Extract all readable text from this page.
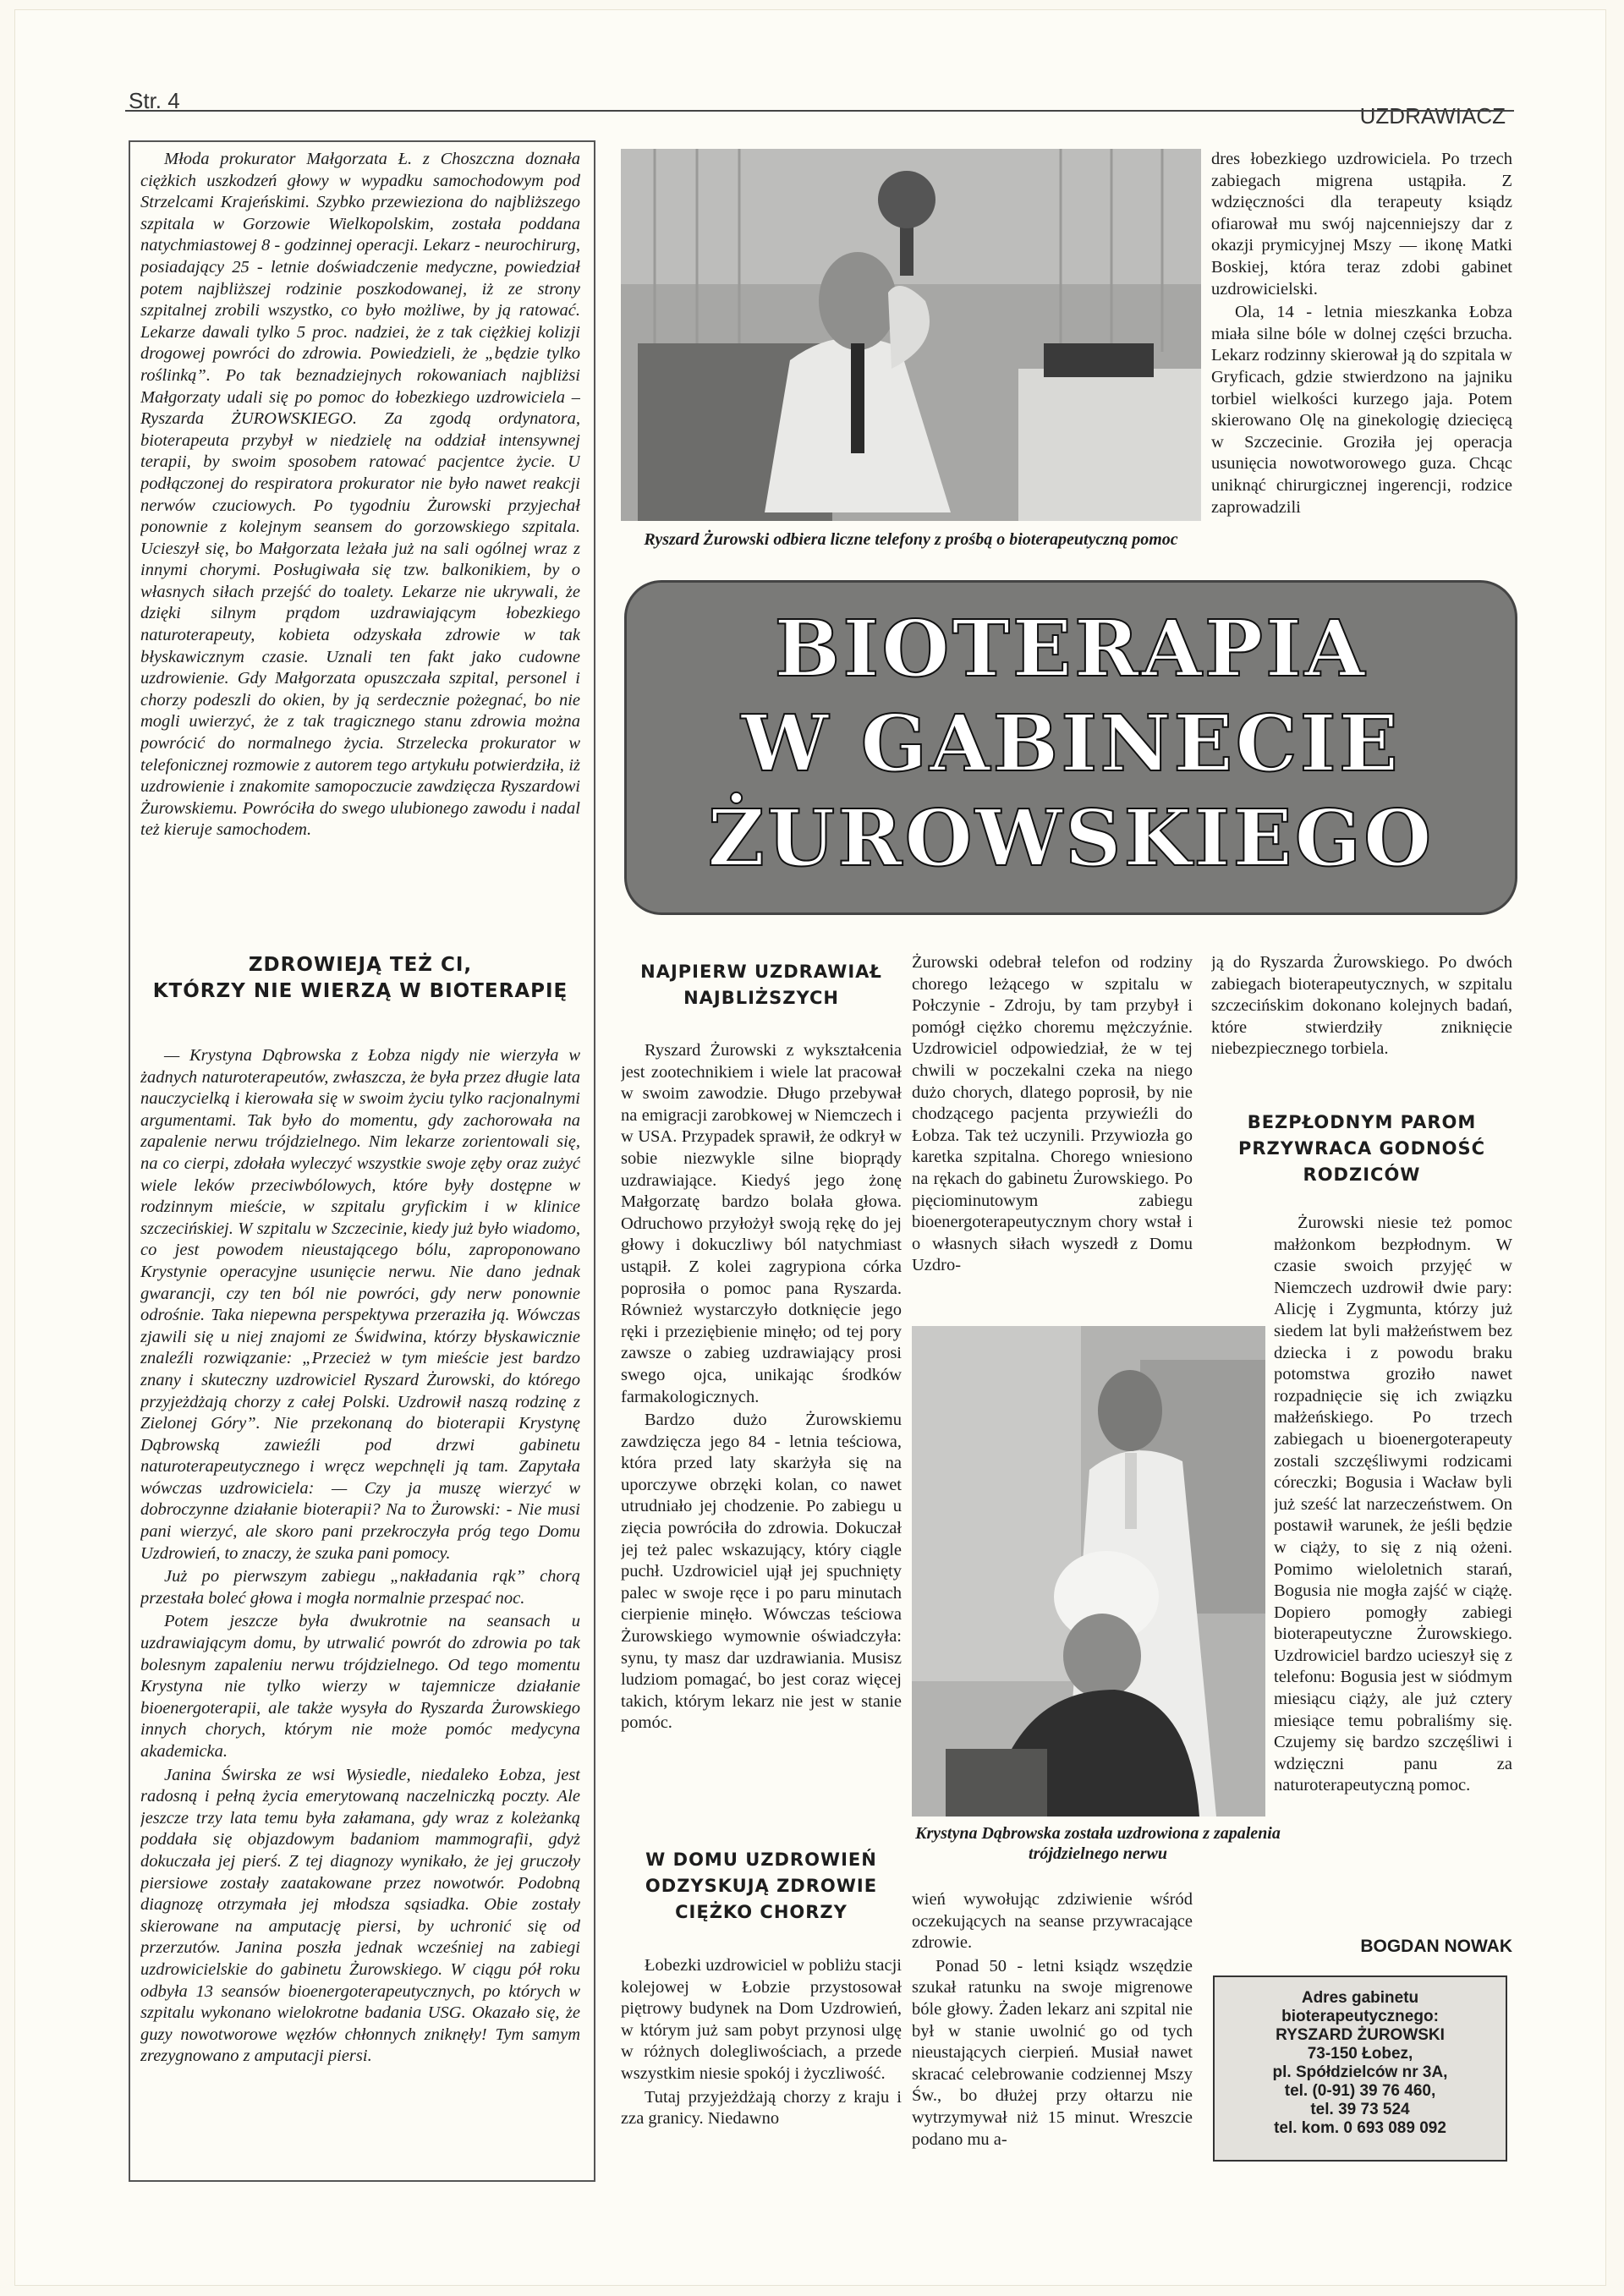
Str. 4
UZDRAWIACZ

Młoda prokurator Małgorzata Ł. z Choszczna doznała ciężkich uszkodzeń głowy w wypadku samochodowym pod Strzelcami Krajeńskimi. Szybko przewieziona do najbliższego szpitala w Gorzowie Wielkopolskim, została poddana natychmiastowej 8 - godzinnej operacji. Lekarz - neurochirurg, posiadający 25 - letnie doświadczenie medyczne, powiedział potem najbliższej rodzinie poszkodowanej, iż ze strony szpitalnej zrobili wszystko, co było możliwe, by ją ratować. Lekarze dawali tylko 5 proc. nadziei, że z tak ciężkiej kolizji drogowej powróci do zdrowia. Powiedzieli, że „będzie tylko roślinką”. Po tak beznadziejnych rokowaniach najbliżsi Małgorzaty udali się po pomoc do łobezkiego uzdrowiciela – Ryszarda ŻUROWSKIEGO. Za zgodą ordynatora, bioterapeuta przybył w niedzielę na oddział intensywnej terapii, by swoim sposobem ratować pacjentce życie. U podłączonej do respiratora prokurator nie było nawet reakcji nerwów czuciowych. Po tygodniu Żurowski przyjechał ponownie z kolejnym seansem do gorzowskiego szpitala. Ucieszył się, bo Małgorzata leżała już na sali ogólnej wraz z innymi chorymi. Posługiwała się tzw. balkonikiem, by o własnych siłach przejść do toalety. Lekarze nie ukrywali, że dzięki silnym prądom uzdrawiającym łobezkiego naturoterapeuty, kobieta odzyskała zdrowie w tak błyskawicznym czasie. Uznali ten fakt jako cudowne uzdrowienie. Gdy Małgorzata opuszczała szpital, personel i chorzy podeszli do okien, by ją serdecznie pożegnać, bo nie mogli uwierzyć, że z tak tragicznego stanu zdrowia można powrócić do normalnego życia. Strzelecka prokurator w telefonicznej rozmowie z autorem tego artykułu potwierdziła, iż uzdrowienie i znakomite samopoczucie zawdzięcza Ryszardowi Żurowskiemu. Powróciła do swego ulubionego zawodu i nadal też kieruje samochodem.

ZDROWIEJĄ TEŻ CI,
KTÓRZY NIE WIERZĄ W BIOTERAPIĘ

— Krystyna Dąbrowska z Łobza nigdy nie wierzyła w żadnych naturoterapeutów, zwłaszcza, że była przez długie lata nauczycielką i kierowała się w swoim życiu tylko racjonalnymi argumentami. Tak było do momentu, gdy zachorowała na zapalenie nerwu trójdzielnego. Nim lekarze zorientowali się, na co cierpi, zdołała wyleczyć wszystkie swoje zęby oraz zużyć wiele leków przeciwbólowych, które były dostępne w rodzinnym mieście, w szpitalu gryfickim i w klinice szczecińskiej. W szpitalu w Szczecinie, kiedy już było wiadomo, co jest powodem nieustającego bólu, zaproponowano Krystynie operacyjne usunięcie nerwu. Nie dano jednak gwarancji, czy ten ból nie powróci, gdy nerw ponownie odrośnie. Taka niepewna perspektywa przeraziła ją. Wówczas zjawili się u niej znajomi ze Świdwina, którzy błyskawicznie znaleźli rozwiązanie: „Przecież w tym mieście jest bardzo znany i skuteczny uzdrowiciel Ryszard Żurowski, do którego przyjeżdżają chorzy z całej Polski. Uzdrowił naszą rodzinę z Zielonej Góry”. Nie przekonaną do bioterapii Krystynę Dąbrowską zawieźli pod drzwi gabinetu naturoterapeutycznego i wręcz wepchnęli ją tam. Zapytała wówczas uzdrowiciela: — Czy ja muszę wierzyć w dobroczynne działanie bioterapii? Na to Żurowski: - Nie musi pani wierzyć, ale skoro pani przekroczyła próg tego Domu Uzdrowień, to znaczy, że szuka pani pomocy.

Już po pierwszym zabiegu „nakładania rąk” chorą przestała boleć głowa i mogła normalnie przespać noc.

Potem jeszcze była dwukrotnie na seansach u uzdrawiającym domu, by utrwalić powrót do zdrowia po tak bolesnym zapaleniu nerwu trójdzielnego. Od tego momentu Krystyna nie tylko wierzy w tajemnicze działanie bioenergoterapii, ale także wysyła do Ryszarda Żurowskiego innych chorych, którym nie może pomóc medycyna akademicka.

Janina Świrska ze wsi Wysiedle, niedaleko Łobza, jest radosną i pełną życia emerytowaną naczelniczką poczty. Ale jeszcze trzy lata temu była załamana, gdy wraz z koleżanką poddała się objazdowym badaniom mammografii, gdyż dokuczała jej pierś. Z tej diagnozy wynikało, że jej gruczoły piersiowe zostały zaatakowane przez nowotwór. Podobną diagnozę otrzymała jej młodsza sąsiadka. Obie zostały skierowane na amputację piersi, by uchronić się od przerzutów. Janina poszła jednak wcześniej na zabiegi uzdrowicielskie do gabinetu Żurowskiego. W ciągu pół roku odbyła 13 seansów bioenergoterapeutycznych, po których w szpitalu wykonano wielokrotne badania USG. Okazało się, że guzy nowotworowe węzłów chłonnych zniknęły! Tym samym zrezygnowano z amputacji piersi.

Ryszard Żurowski odbiera liczne telefony z prośbą o bioterapeutyczną pomoc

dres łobezkiego uzdrowiciela. Po trzech zabiegach migrena ustąpiła. Z wdzięczności dla terapeuty ksiądz ofiarował mu swój najcenniejszy dar z okazji prymicyjnej Mszy — ikonę Matki Boskiej, która teraz zdobi gabinet uzdrowicielski.

Ola, 14 - letnia mieszkanka Łobza miała silne bóle w dolnej części brzucha. Lekarz rodzinny skierował ją do szpitala w Gryficach, gdzie stwierdzono na jajniku torbiel wielkości kurzego jaja. Potem skierowano Olę na ginekologię dziecięcą w Szczecinie. Groziła jej operacja usunięcia nowotworowego guza. Chcąc uniknąć chirurgicznej ingerencji, rodzice zaprowadzili

BIOTERAPIA
W GABINECIE
ŻUROWSKIEGO
NAJPIERW UZDRAWIAŁ
NAJBLIŻSZYCH

Ryszard Żurowski z wykształcenia jest zootechnikiem i wiele lat pracował w swoim zawodzie. Długo przebywał na emigracji zarobkowej w Niemczech i w USA. Przypadek sprawił, że odkrył w sobie niezwykle silne bioprądy uzdrawiające. Kiedyś jego żonę Małgorzatę bardzo bolała głowa. Odruchowo przyłożył swoją rękę do jej głowy i dokuczliwy ból natychmiast ustąpił. Z kolei zagrypiona córka poprosiła o pomoc pana Ryszarda. Również wystarczyło dotknięcie jego ręki i przeziębienie minęło; od tej pory zawsze o zabieg uzdrawiający prosi swego ojca, unikając środków farmakologicznych.

Bardzo dużo Żurowskiemu zawdzięcza jego 84 - letnia teściowa, która przed laty skarżyła się na uporczywe obrzęki kolan, co nawet utrudniało jej chodzenie. Po zabiegu u zięcia powróciła do zdrowia. Dokuczał jej też palec wskazujący, który ciągle puchł. Uzdrowiciel ujął jej spuchnięty palec w swoje ręce i po paru minutach cierpienie minęło. Wówczas teściowa Żurowskiego wymownie oświadczyła: synu, ty masz dar uzdrawiania. Musisz ludziom pomagać, bo jest coraz więcej takich, którym lekarz nie jest w stanie pomóc.

W DOMU UZDROWIEŃ
ODZYSKUJĄ ZDROWIE
CIĘŻKO CHORZY

Łobezki uzdrowiciel w pobliżu stacji kolejowej w Łobzie przystosował piętrowy budynek na Dom Uzdrowień, w którym już sam pobyt przynosi ulgę w różnych dolegliwościach, a przede wszystkim niesie spokój i życzliwość.

Tutaj przyjeżdżają chorzy z kraju i zza granicy. Niedawno

Żurowski odebrał telefon od rodziny chorego leżącego w szpitalu w Połczynie - Zdroju, by tam przybył i pomógł ciężko choremu mężczyźnie. Uzdrowiciel odpowiedział, że w tej chwili w poczekalni czeka na niego dużo chorych, dlatego poprosił, by nie chodzącego pacjenta przywieźli do Łobza. Tak też uczynili. Przywiozła go karetka szpitalna. Chorego wniesiono na rękach do gabinetu Żurowskiego. Po pięciominutowym zabiegu bioenergoterapeutycznym chory wstał i o własnych siłach wyszedł z Domu Uzdro-

Krystyna Dąbrowska została uzdrowiona z zapalenia trójdzielnego nerwu

wień wywołując zdziwienie wśród oczekujących na seanse przywracające zdrowie.

Ponad 50 - letni ksiądz wszędzie szukał ratunku na swoje migrenowe bóle głowy. Żaden lekarz ani szpital nie był w stanie uwolnić go od tych nieustających cierpień. Musiał nawet skracać celebrowanie codziennej Mszy Św., bo dłużej przy ołtarzu nie wytrzymywał niż 15 minut. Wreszcie podano mu a-

ją do Ryszarda Żurowskiego. Po dwóch zabiegach bioterapeutycznych, w szpitalu szczecińskim dokonano kolejnych badań, które stwierdziły zniknięcie niebezpiecznego torbiela.

BEZPŁODNYM PAROM
PRZYWRACA GODNOŚĆ
RODZICÓW

Żurowski niesie też pomoc małżonkom bezpłodnym. W czasie swoich przyjęć w Niemczech uzdrowił dwie pary: Alicję i Zygmunta, którzy już siedem lat byli małżeństwem bez dziecka i z powodu braku potomstwa groziło nawet rozpadnięcie się ich związku małżeńskiego. Po trzech zabiegach u bioenergoterapeuty zostali szczęśliwymi rodzicami córeczki; Bogusia i Wacław byli już sześć lat narzeczeństwem. On postawił warunek, że jeśli będzie w ciąży, to się z nią ożeni. Pomimo wieloletnich starań, Bogusia nie mogła zajść w ciążę. Dopiero pomogły zabiegi bioterapeutyczne Żurowskiego. Uzdrowiciel bardzo ucieszył się z telefonu: Bogusia jest w siódmym miesiącu ciąży, ale już cztery miesiące temu pobraliśmy się. Czujemy się bardzo szczęśliwi i wdzięczni panu za naturoterapeutyczną pomoc.

BOGDAN NOWAK
Adres gabinetu
bioterapeutycznego:
RYSZARD ŻUROWSKI
73-150 Łobez,
pl. Spółdzielców nr 3A,
tel. (0-91) 39 76 460,
tel. 39 73 524
tel. kom. 0 693 089 092
